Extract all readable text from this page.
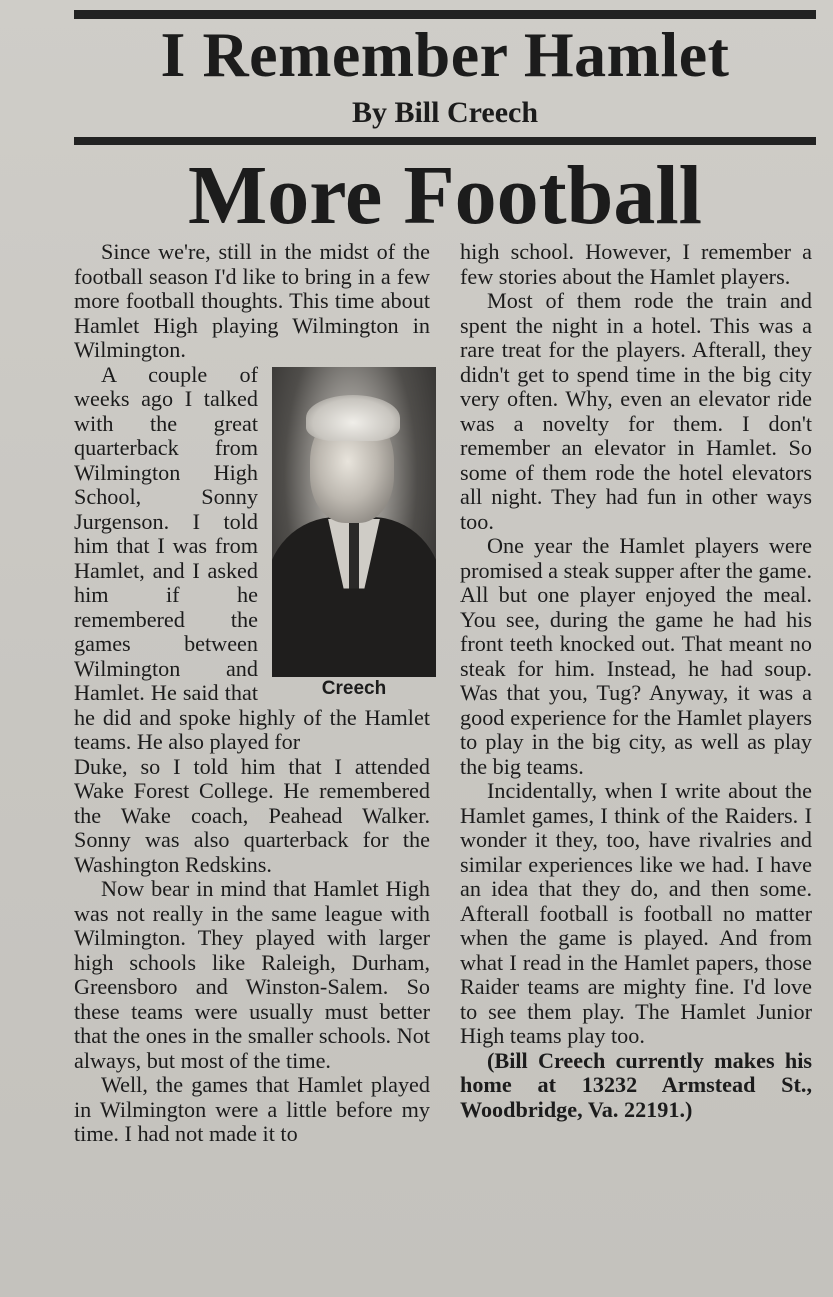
I Remember Hamlet
By Bill Creech
More Football

Since we're, still in the midst of the football season I'd like to bring in a few more football thoughts. This time about Hamlet High playing Wilmington in Wilmington.

Creech
A couple of weeks ago I talked with the great quarterback from Wilmington High School, Sonny Jurgenson. I told him that I was from Hamlet, and I asked him if he remembered the games between Wilmington and Hamlet. He said that he did and spoke highly of the Hamlet teams. He also played for

Duke, so I told him that I attended Wake Forest College. He remembered the Wake coach, Peahead Walker. Sonny was also quarterback for the Washington Redskins.

Now bear in mind that Hamlet High was not really in the same league with Wilmington. They played with larger high schools like Raleigh, Durham, Greensboro and Winston-Salem. So these teams were usually must better that the ones in the smaller schools. Not always, but most of the time.

Well, the games that Hamlet played in Wilmington were a little before my time. I had not made it to

high school. However, I remember a few stories about the Hamlet players.

Most of them rode the train and spent the night in a hotel. This was a rare treat for the players. Afterall, they didn't get to spend time in the big city very often. Why, even an elevator ride was a novelty for them. I don't remember an elevator in Hamlet. So some of them rode the hotel elevators all night. They had fun in other ways too.

One year the Hamlet players were promised a steak supper after the game. All but one player enjoyed the meal. You see, during the game he had his front teeth knocked out. That meant no steak for him. Instead, he had soup. Was that you, Tug? Anyway, it was a good experience for the Hamlet players to play in the big city, as well as play the big teams.

Incidentally, when I write about the Hamlet games, I think of the Raiders. I wonder it they, too, have rivalries and similar experiences like we had. I have an idea that they do, and then some. Afterall football is football no matter when the game is played. And from what I read in the Hamlet papers, those Raider teams are mighty fine. I'd love to see them play. The Hamlet Junior High teams play too.

(Bill Creech currently makes his home at 13232 Armstead St., Woodbridge, Va. 22191.)
